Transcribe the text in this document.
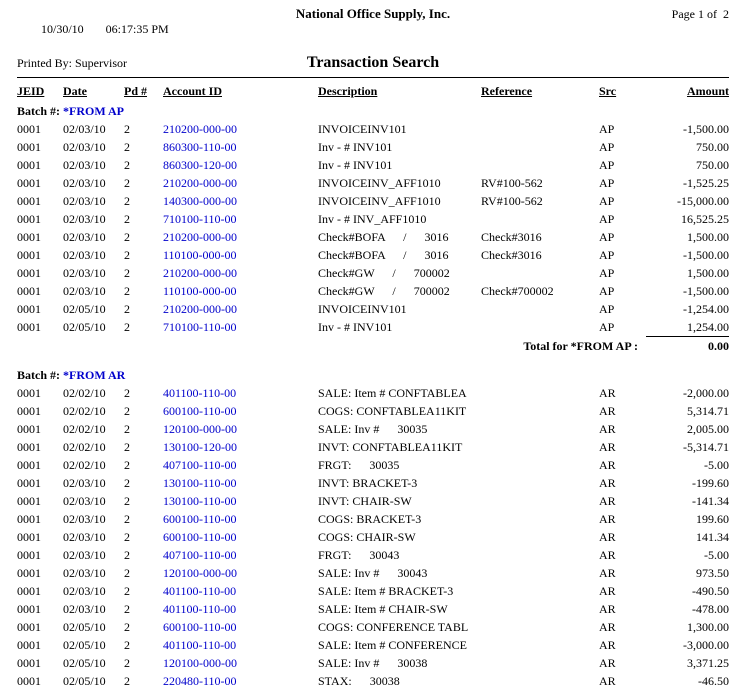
10/30/10 06:17:35 PM

National Office Supply, Inc.	Page 1 of  2
Printed By: Supervisor	Transaction Search
JEID	Date	Pd #	Account ID	Description	Reference	Src	Amount
Batch #: *FROM AP							
0001	02/03/10	2	210200-000-00	INVOICEINV101		AP	-1,500.00
0001	02/03/10	2	860300-110-00	Inv - # INV101		AP	750.00
0001	02/03/10	2	860300-120-00	Inv - # INV101		AP	750.00
0001	02/03/10	2	210200-000-00	INVOICEINV_AFF1010	RV#100-562	AP	-1,525.25
0001	02/03/10	2	140300-000-00	INVOICEINV_AFF1010	RV#100-562	AP	-15,000.00
0001	02/03/10	2	710100-110-00	Inv - # INV_AFF1010		AP	16,525.25
0001	02/03/10	2	210200-000-00	Check#BOFA      /      3016	Check#3016	AP	1,500.00
0001	02/03/10	2	110100-000-00	Check#BOFA      /      3016	Check#3016	AP	-1,500.00
0001	02/03/10	2	210200-000-00	Check#GW      /      700002		AP	1,500.00
0001	02/03/10	2	110100-000-00	Check#GW      /      700002	Check#700002	AP	-1,500.00
0001	02/05/10	2	210200-000-00	INVOICEINV101		AP	-1,254.00
0001	02/05/10	2	710100-110-00	Inv - # INV101		AP	1,254.00
Total for *FROM AP :							0.00

Batch #: *FROM AR							
0001	02/02/10	2	401100-110-00	SALE: Item # CONFTABLEA		AR	-2,000.00
0001	02/02/10	2	600100-110-00	COGS: CONFTABLEA11KIT		AR	5,314.71
0001	02/02/10	2	120100-000-00	SALE: Inv #      30035		AR	2,005.00
0001	02/02/10	2	130100-120-00	INVT: CONFTABLEA11KIT		AR	-5,314.71
0001	02/02/10	2	407100-110-00	FRGT:      30035		AR	-5.00
0001	02/03/10	2	130100-110-00	INVT: BRACKET-3		AR	-199.60
0001	02/03/10	2	130100-110-00	INVT: CHAIR-SW		AR	-141.34
0001	02/03/10	2	600100-110-00	COGS: BRACKET-3		AR	199.60
0001	02/03/10	2	600100-110-00	COGS: CHAIR-SW		AR	141.34
0001	02/03/10	2	407100-110-00	FRGT:      30043		AR	-5.00
0001	02/03/10	2	120100-000-00	SALE: Inv #      30043		AR	973.50
0001	02/03/10	2	401100-110-00	SALE: Item # BRACKET-3		AR	-490.50
0001	02/03/10	2	401100-110-00	SALE: Item # CHAIR-SW		AR	-478.00
0001	02/05/10	2	600100-110-00	COGS: CONFERENCE TABL		AR	1,300.00
0001	02/05/10	2	401100-110-00	SALE: Item # CONFERENCE		AR	-3,000.00
0001	02/05/10	2	120100-000-00	SALE: Inv #      30038		AR	3,371.25
0001	02/05/10	2	220480-110-00	STAX:      30038		AR	-46.50
